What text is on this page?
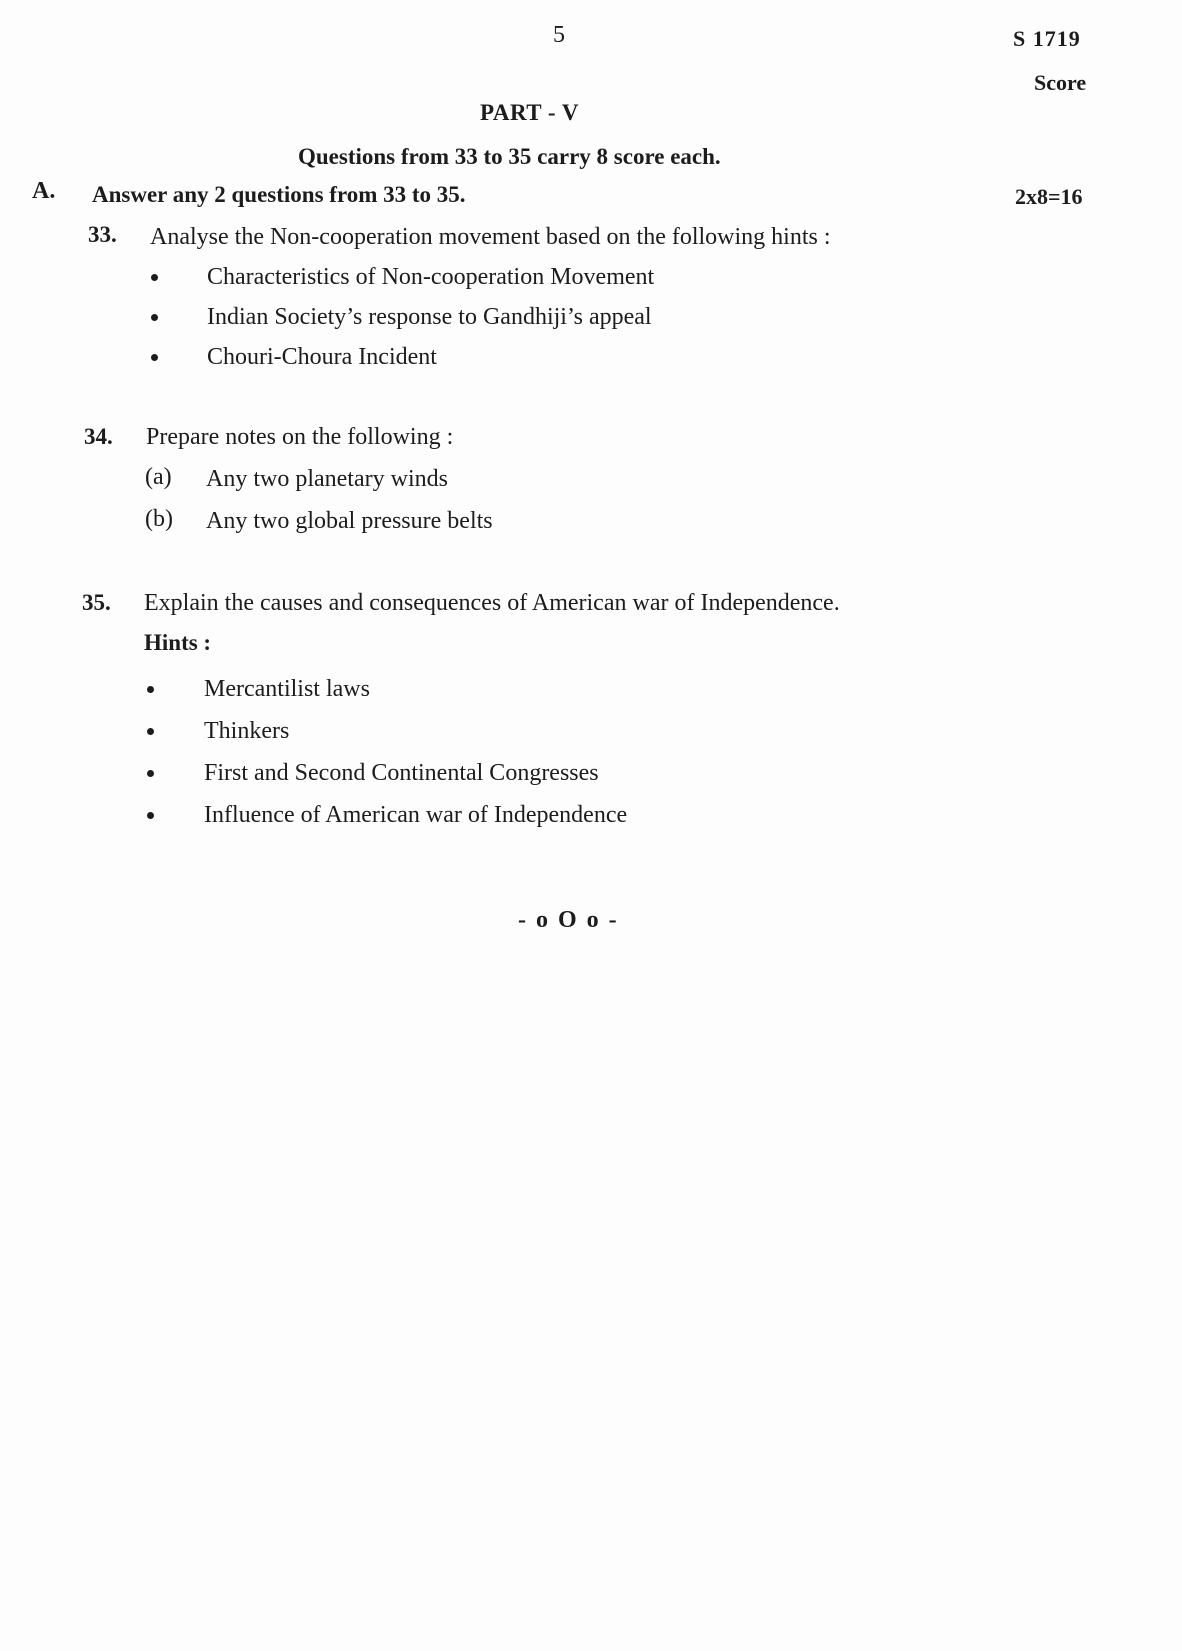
5	S 1719
Score
PART - V
Questions from 33 to 35 carry 8 score each.
A. Answer any 2 questions from 33 to 35.	2x8=16
33. Analyse the Non-cooperation movement based on the following hints :
Characteristics of Non-cooperation Movement
Indian Society’s response to Gandhiji’s appeal
Chouri-Choura Incident
34. Prepare notes on the following :
(a) Any two planetary winds
(b) Any two global pressure belts
35. Explain the causes and consequences of American war of Independence.
Hints :
Mercantilist laws
Thinkers
First and Second Continental Congresses
Influence of American war of Independence
- o O o -
